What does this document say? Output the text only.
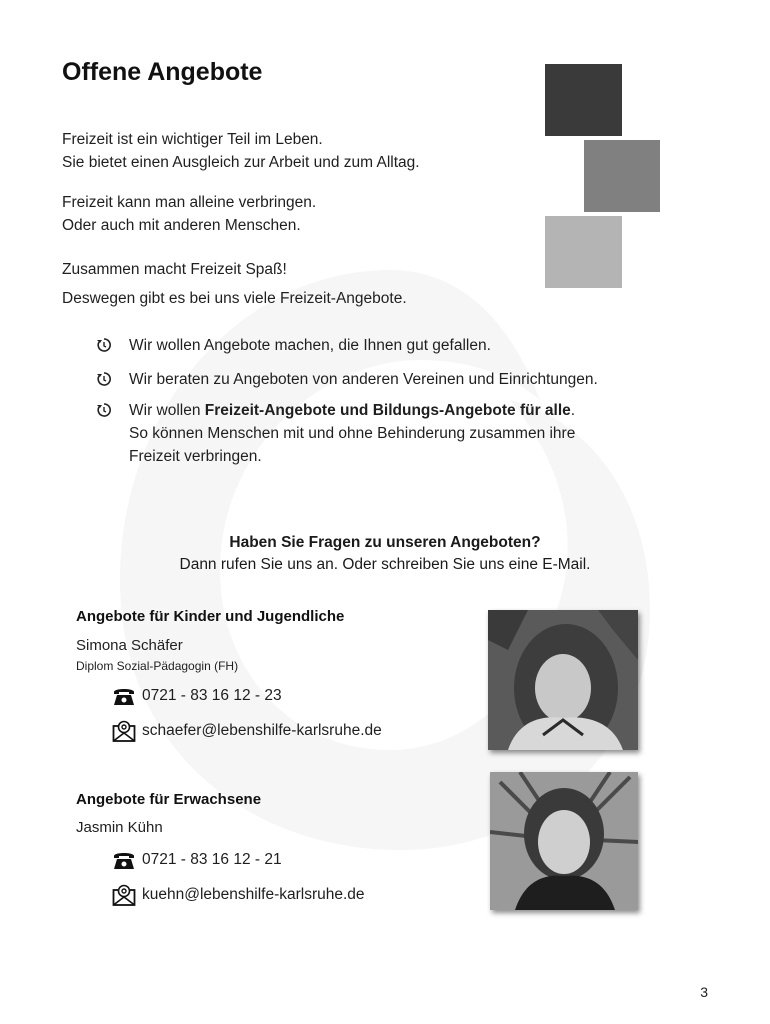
Offene Angebote

Freizeit ist ein wichtiger Teil im Leben.
Sie bietet einen Ausgleich zur Arbeit und zum Alltag.

Freizeit kann man alleine verbringen.
Oder auch mit anderen Menschen.

Zusammen macht Freizeit Spaß!
Deswegen gibt es bei uns viele Freizeit-Angebote.

Wir wollen Angebote machen, die Ihnen gut gefallen.
Wir beraten zu Angeboten von anderen Vereinen und Einrichtungen.
Wir wollen Freizeit-Angebote und Bildungs-Angebote für alle.
So können Menschen mit und ohne Behinderung zusammen ihre
Freizeit verbringen.
Haben Sie Fragen zu unseren Angeboten?
Dann rufen Sie uns an. Oder schreiben Sie uns eine E-Mail.
Angebote für Kinder und Jugendliche
Simona Schäfer
Diplom Sozial-Pädagogin (FH)
0721 - 83 16 12 - 23
schaefer@lebenshilfe-karlsruhe.de
Angebote für Erwachsene
Jasmin Kühn
0721 - 83 16 12 - 21
kuehn@lebenshilfe-karlsruhe.de
3
